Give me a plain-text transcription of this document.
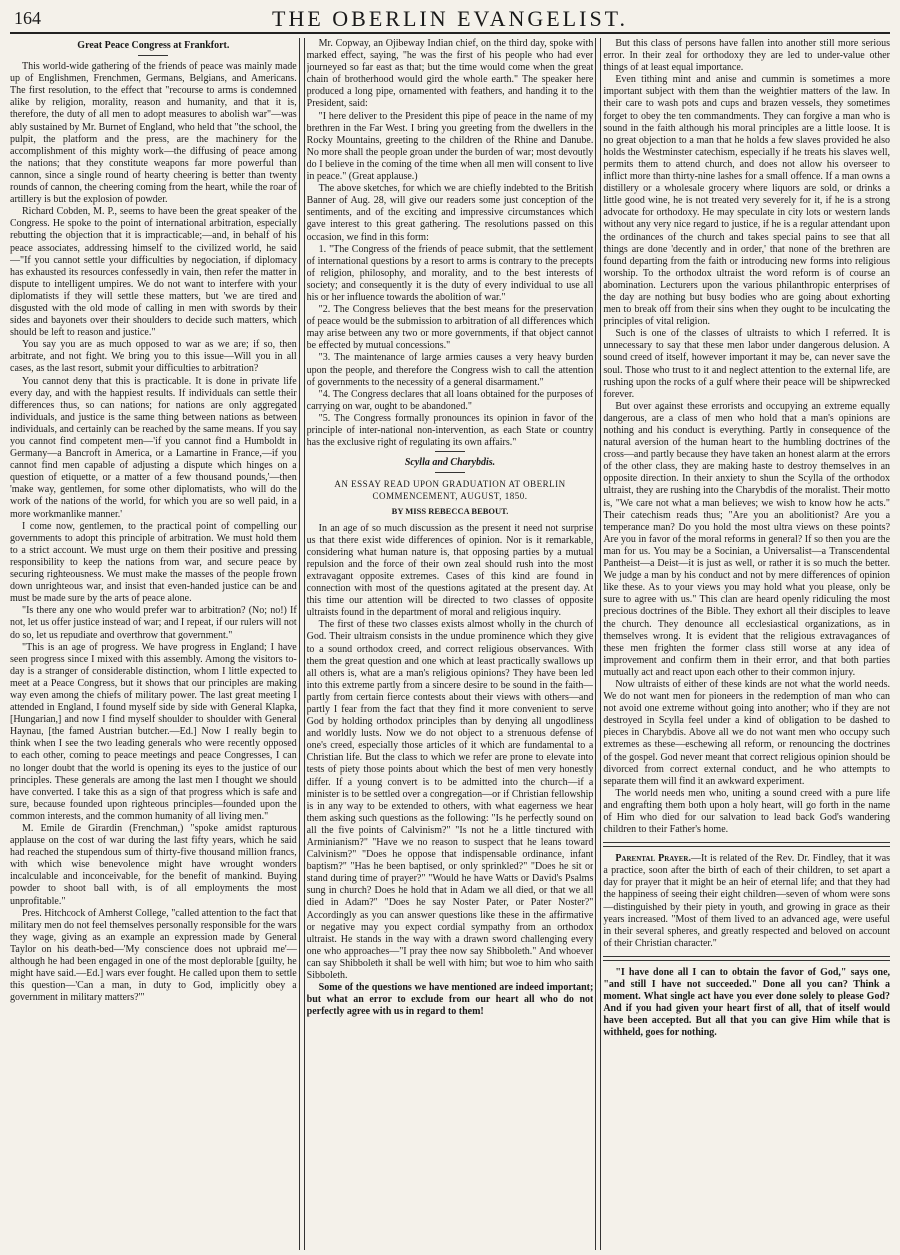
164	THE OBERLIN EVANGELIST.
Great Peace Congress at Frankfort.

This world-wide gathering of the friends of peace was mainly made up of Englishmen, Frenchmen, Germans, Belgians, and Americans. The first resolution, to the effect that "recourse to arms is condemned alike by religion, morality, reason and humanity, and that it is, therefore, the duty of all men to adopt measures to abolish war"—was ably sustained by Mr. Burnet of England, who held that "the school, the pulpit, the platform and the press, are the machinery for the accomplishment of this mighty work—the diffusing of peace among the nations; that they constitute weapons far more powerful than cannon, since a single round of hearty cheering is better than twenty rounds of cannon, the cheering coming from the heart, while the roar of artillery is but the explosion of powder.

Richard Cobden, M. P., seems to have been the great speaker of the Congress. He spoke to the point of international arbitration, especially rebutting the objection that it is impracticable;—and, in behalf of his peace associates, addressing himself to the civilized world, he said—"If you cannot settle your difficulties by negociation, if diplomacy has exhausted its resources confessedly in vain, then refer the matter in dispute to intelligent umpires. We do not want to interfere with your diplomatists if they will settle these matters, but 'we are tired and disgusted with the old mode of calling in men with swords by their sides and bayonets over their shoulders to decide such matters, which should be left to reason and justice."

You say you are as much opposed to war as we are; if so, then arbitrate, and not fight. We bring you to this issue—Will you in all cases, as the last resort, submit your difficulties to arbitration?

You cannot deny that this is practicable. It is done in private life every day, and with the happiest results. If individuals can settle their differences thus, so can nations; for nations are only aggregated individuals, and justice is the same thing between nations as between individuals, and certainly can be reached by the same means. If you say you cannot find competent men—'if you cannot find a Humboldt in Germany—a Bancroft in America, or a Lamartine in France,—if you cannot find men capable of adjusting a dispute which hinges on a question of etiquette, or a matter of a few thousand pounds,'—then 'make way, gentlemen, for some other diplomatists, who will do the work of the nations of the world, for which you are so well paid, in a more workmanlike manner.'

I come now, gentlemen, to the practical point of compelling our governments to adopt this principle of arbitration. We must hold them to a strict account. We must urge on them their positive and pressing responsibility to keep the nations from war, and secure peace by securing righteousness. We must make the masses of the people frown down unrighteous war, and insist that even-handed justice can be and must be made sure by the arts of peace alone.

"Is there any one who would prefer war to arbitration? (No; no!) If not, let us offer justice instead of war; and I repeat, if our rulers will not do so, let us repudiate and overthrow that government."

"This is an age of progress. We have progress in England; I have seen progress since I mixed with this assembly. Among the visitors to-day is a stranger of considerable distinction, whom I little expected to meet at a Peace Congress, but it shows that our principles are making way even among the chiefs of military power. The last great meeting I attended in England, I found myself side by side with General Klapka, [Hungarian,] and now I find myself shoulder to shoulder with General Haynau, [the famed Austrian butcher.—Ed.] Now I really begin to think when I see the two leading generals who were recently opposed to each other, coming to peace meetings and peace Congresses, I can no longer doubt that the world is opening its eyes to the justice of our principles. These generals are among the last men I thought we should have converted. I take this as a sign of that progress which is safe and sure, because founded upon righteous principles—founded upon the common interests, and the common humanity of all living men."

M. Emile de Girardin (Frenchman,) "spoke amidst rapturous applause on the cost of war during the last fifty years, which he said had reached the stupendous sum of thirty-five thousand million francs, with which wise benevolence might have wrought wonders incalculable and inconceivable, for the benefit of mankind. Buying powder to shoot ball with, is of all employments the most unprofitable."

Pres. Hitchcock of Amherst College, "called attention to the fact that military men do not feel themselves personally responsible for the wars they wage, giving as an example an expression made by General Taylor on his death-bed—'My conscience does not upbraid me'—although he had been engaged in one of the most deplorable [guilty, he might have said.—Ed.] wars ever fought. He called upon them to settle this question—'Can a man, in duty to God, implicitly obey a government in military matters?'"

Mr. Copway, an Ojibeway Indian chief, on the third day, spoke with marked effect, saying, "he was the first of his people who had ever journeyed so far east as that; but the time would come when the great chain of brotherhood would gird the whole earth." The speaker here produced a long pipe, ornamented with feathers, and handing it to the President, said:

"I here deliver to the President this pipe of peace in the name of my brethren in the Far West. I bring you greeting from the dwellers in the Rocky Mountains, greeting to the children of the Rhine and Danube. No more shall the people groan under the burden of war; most devoutly do I believe in the coming of the time when all men will consent to live in peace." (Great applause.)

The above sketches, for which we are chiefly indebted to the British Banner of Aug. 28, will give our readers some just conception of the sentiments, and of the exciting and impressive circumstances which gave interest to this great gathering. The resolutions passed on this occasion, we find in this form:

1. "The Congress of the friends of peace submit, that the settlement of international questions by a resort to arms is contrary to the precepts of religion, philosophy, and morality, and to the best interests of society; and consequently it is the duty of every individual to use all his or her influence towards the abolition of war."

"2. The Congress believes that the best means for the preservation of peace would be the submission to arbitration of all differences which may arise between any two or more governments, if that object cannot be effected by mutual concessions."

"3. The maintenance of large armies causes a very heavy burden upon the people, and therefore the Congress wish to call the attention of governments to the necessity of a general disarmament."

"4. The Congress declares that all loans obtained for the purposes of carrying on war, ought to be abandoned."

"5. The Congress formally pronounces its opinion in favor of the principle of inter-national non-intervention, as each State or country has the exclusive right of regulating its own affairs."

Scylla and Charybdis.
AN ESSAY READ UPON GRADUATION AT OBERLIN COMMENCEMENT, AUGUST, 1850.
BY MISS REBECCA BEBOUT.

In an age of so much discussion as the present it need not surprise us that there exist wide differences of opinion. Nor is it remarkable, considering what human nature is, that opposing parties by a mutual repulsion and the force of their own zeal should rush into the most extravagant opposite extremes. Cases of this kind are found in connection with most of the questions agitated at the present day. At this time our attention will be directed to two classes of opposite ultraists found in the department of moral and religious inquiry.

The first of these two classes exists almost wholly in the church of God. Their ultraism consists in the undue prominence which they give to a sound orthodox creed, and correct religious observances. With them the great question and one which at least practically swallows up all others is, what are a man's religious opinions? They have been led into this extreme partly from a sincere desire to be sound in the faith—partly from certain fierce contests about their views with others—and partly I fear from the fact that they find it more convenient to serve God by holding orthodox principles than by denying all ungodliness and worldly lusts. Now we do not object to a strenuous defense of one's creed, especially those articles of it which are fundamental to a Christian life. But the class to which we refer are prone to elevate into tests of piety those points about which the best of men very honestly differ. If a young convert is to be admitted into the church—if a minister is to be settled over a congregation—or if Christian fellowship is in any way to be extended to others, with what eagerness we hear them asking such questions as the following: "Is he perfectly sound on all the five points of Calvinism?" "Is not he a little tinctured with Arminianism?" "Have we no reason to suspect that he leans toward Calvinism?" "Does he oppose that indispensable ordinance, infant baptism?" "Has he been baptised, or only sprinkled?" "Does he sit or stand during time of prayer?" "Would he have Watts or David's Psalms sung in church? Does he hold that in Adam we all died, or that we all died in Adam?" "Does he say Noster Pater, or Pater Noster?" Accordingly as you can answer questions like these in the affirmative or negative may you expect cordial sympathy from an orthodox ultraist. He stands in the way with a drawn sword challenging every one who approaches—"I pray thee now say Shibboleth." And whoever can say Shibboleth it shall be well with him; but woe to him who saith Sibboleth.

Some of the questions we have mentioned are indeed important; but what an error to exclude from our heart all who do not perfectly agree with us in regard to them!

But this class of persons have fallen into another still more serious error. In their zeal for orthodoxy they are led to under-value other things of at least equal importance.

Even tithing mint and anise and cummin is sometimes a more important subject with them than the weightier matters of the law. In their care to wash pots and cups and brazen vessels, they sometimes forget to obey the ten commandments. They can forgive a man who is sound in the faith although his moral principles are a little loose. It is no great objection to a man that he holds a few slaves provided he also holds the Westminster catechism, especially if he treats his slaves well, permits them to attend church, and does not allow his overseer to inflict more than thirty-nine lashes for a small offence. If a man owns a distillery or a wholesale grocery where liquors are sold, or drinks a little good wine, he is not treated very severely for it, if he is a strong advocate for orthodoxy. He may speculate in city lots or western lands without any very nice regard to justice, if he is a regular attendant upon the ordinances of the church and takes special pains to see that all things are done 'decently and in order,' that none of the brethren are found departing from the faith or introducing new forms into religious worship. To the orthodox ultraist the word reform is of course an abomination. Lecturers upon the various philanthropic enterprises of the day are nothing but busy bodies who are going about exhorting men to break off from their sins when they ought to be inculcating the principles of vital religion.

Such is one of the classes of ultraists to which I referred. It is unnecessary to say that these men labor under dangerous delusion. A sound creed of itself, however important it may be, can never save the soul. Those who trust to it and neglect attention to the external life, are rushing upon the rocks of a gulf where their peace will be shipwrecked forever.

But over against these errorists and occupying an extreme equally dangerous, are a class of men who hold that a man's opinions are nothing and his conduct is everything. Partly in consequence of the natural aversion of the human heart to the humbling doctrines of the cross—and partly because they have taken an honest alarm at the errors of the other class, they are making haste to destroy themselves in an opposite direction. In their anxiety to shun the Scylla of the orthodox ultraist, they are rushing into the Charybdis of the moralist. Their motto is, "We care not what a man believes; we wish to know how he acts." Their catechism reads thus; "Are you an abolitionist? Are you a temperance man? Do you hold the most ultra views on these points? Are you in favor of the moral reforms in general? If so then you are the man for us. You may be a Socinian, a Universalist—a Transcendental Pantheist—a Deist—it is just as well, or rather it is so much the better. We judge a man by his conduct and not by mere differences of opinion like these. As to your views you may hold what you please, only be sure to agree with us." This clan are heard openly ridiculing the most precious doctrines of the Bible. They exhort all their disciples to leave the church. They denounce all ecclesiastical organizations, as in themselves wrong. It is evident that the religious extravagances of these men frighten the former class still worse at any idea of improvement and confirm them in their error, and that both parties mutually act and react upon each other to their common injury.

Now ultraists of either of these kinds are not what the world needs. We do not want men for pioneers in the redemption of man who can not avoid one extreme without going into another; who if they are not destroyed in Scylla feel under a kind of obligation to be dashed to pieces in Charybdis. Above all we do not want men who occupy such extremes as these—eschewing all reform, or renouncing the doctrines of the gospel. God never meant that correct religious opinion should be divorced from correct external conduct, and he who attempts to separate them will find it an awkward experiment.

The world needs men who, uniting a sound creed with a pure life and engrafting them both upon a holy heart, will go forth in the name of Him who died for our salvation to lead back God's wandering children to their Father's home.

Parental Prayer.—It is related of the Rev. Dr. Findley, that it was a practice, soon after the birth of each of their children, to set apart a day for prayer that it might be an heir of eternal life; and that they had the happiness of seeing their eight children—seven of whom were sons—distinguished by their piety in youth, and growing in grace as their years increased. "Most of them lived to an advanced age, were useful in their several spheres, and greatly respected and beloved on account of their Christian character."

"I have done all I can to obtain the favor of God," says one, "and still I have not succeeded." Done all you can? Think a moment. What single act have you ever done solely to please God? And if you had given your heart first of all, that of itself would have been accepted. But all that you can give Him while that is withheld, goes for nothing.
